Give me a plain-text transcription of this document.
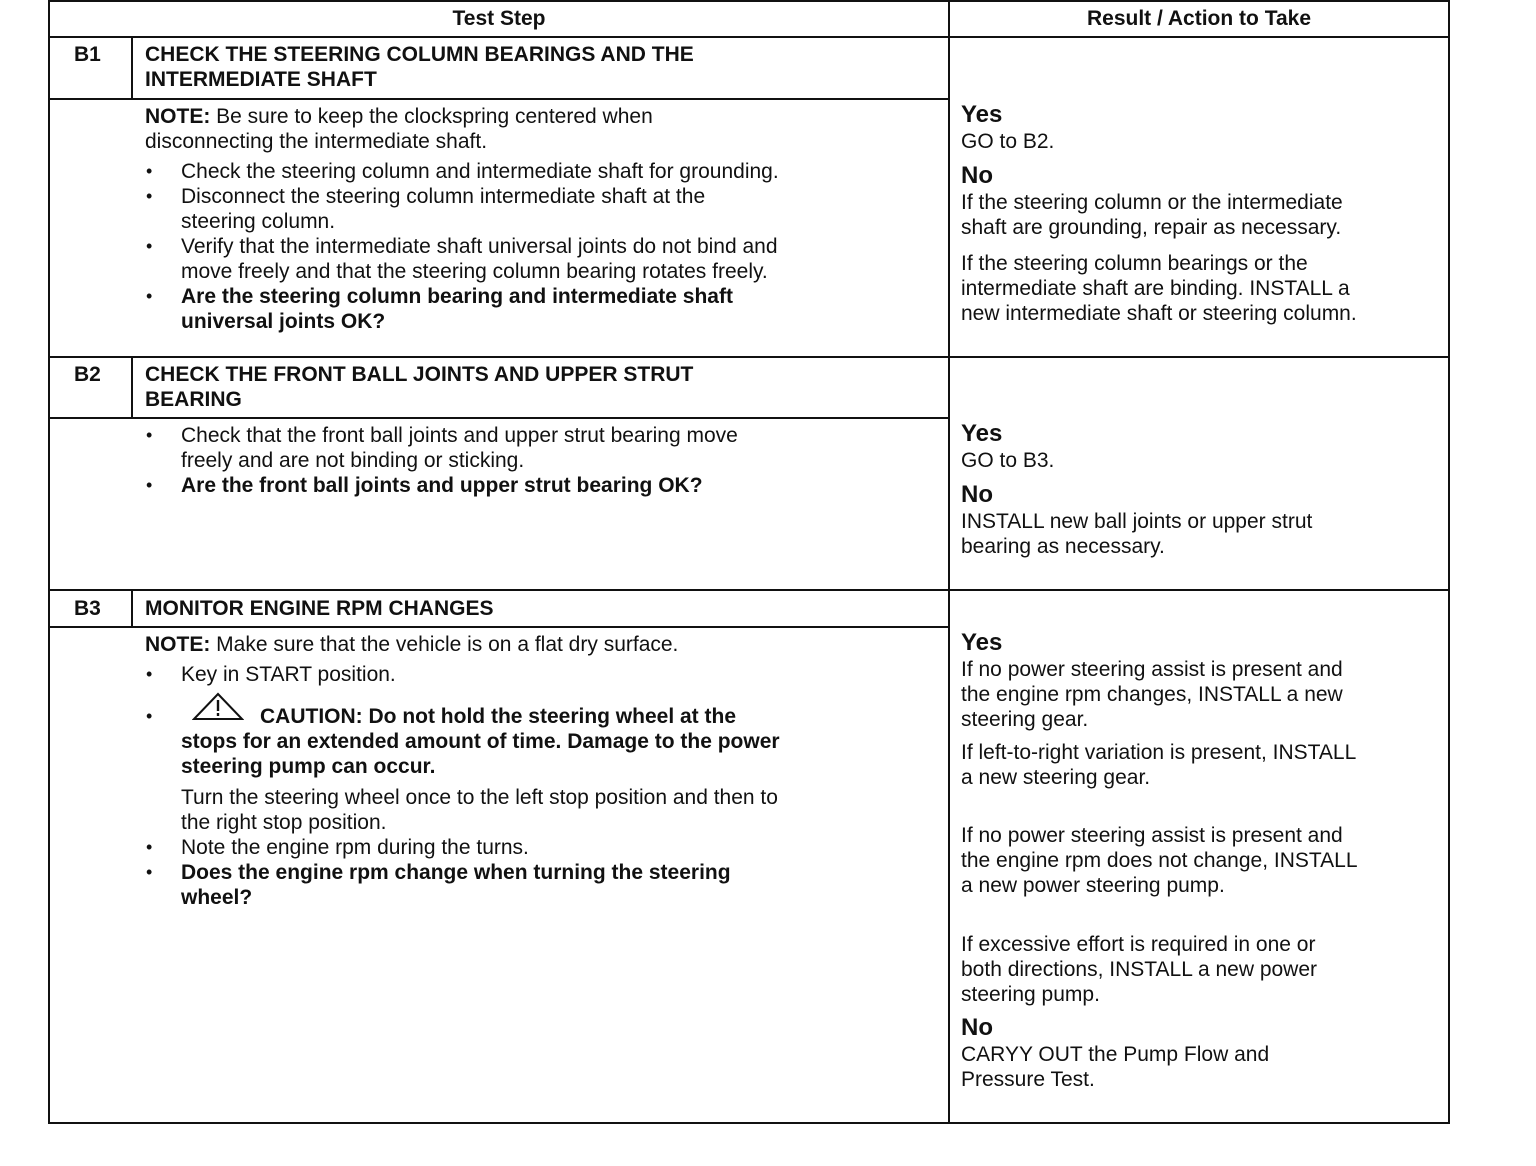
Test Step	Result / Action to Take
B1 CHECK THE STEERING COLUMN BEARINGS AND THE
INTERMEDIATE SHAFT
NOTE: Be sure to keep the clockspring centered when
disconnecting the intermediate shaft.
• Check the steering column and intermediate shaft for grounding.
• Disconnect the steering column intermediate shaft at the
steering column.
• Verify that the intermediate shaft universal joints do not bind and
move freely and that the steering column bearing rotates freely.
• Are the steering column bearing and intermediate shaft
universal joints OK?
Yes
GO to B2.
No
If the steering column or the intermediate
shaft are grounding, repair as necessary.
If the steering column bearings or the
intermediate shaft are binding. INSTALL a
new intermediate shaft or steering column.
B2 CHECK THE FRONT BALL JOINTS AND UPPER STRUT
BEARING
• Check that the front ball joints and upper strut bearing move
freely and are not binding or sticking.
• Are the front ball joints and upper strut bearing OK?
Yes
GO to B3.
No
INSTALL new ball joints or upper strut
bearing as necessary.
B3 MONITOR ENGINE RPM CHANGES
NOTE: Make sure that the vehicle is on a flat dry surface.
• Key in START position.
•	CAUTION: Do not hold the steering wheel at the
stops for an extended amount of time. Damage to the power
steering pump can occur.
Turn the steering wheel once to the left stop position and then to
the right stop position.
• Note the engine rpm during the turns.
• Does the engine rpm change when turning the steering
wheel?
Yes
If no power steering assist is present and
the engine rpm changes, INSTALL a new
steering gear.
If left-to-right variation is present, INSTALL
a new steering gear.
If no power steering assist is present and
the engine rpm does not change, INSTALL
a new power steering pump.
If excessive effort is required in one or
both directions, INSTALL a new power
steering pump.
No
CARYY OUT the Pump Flow and
Pressure Test.
